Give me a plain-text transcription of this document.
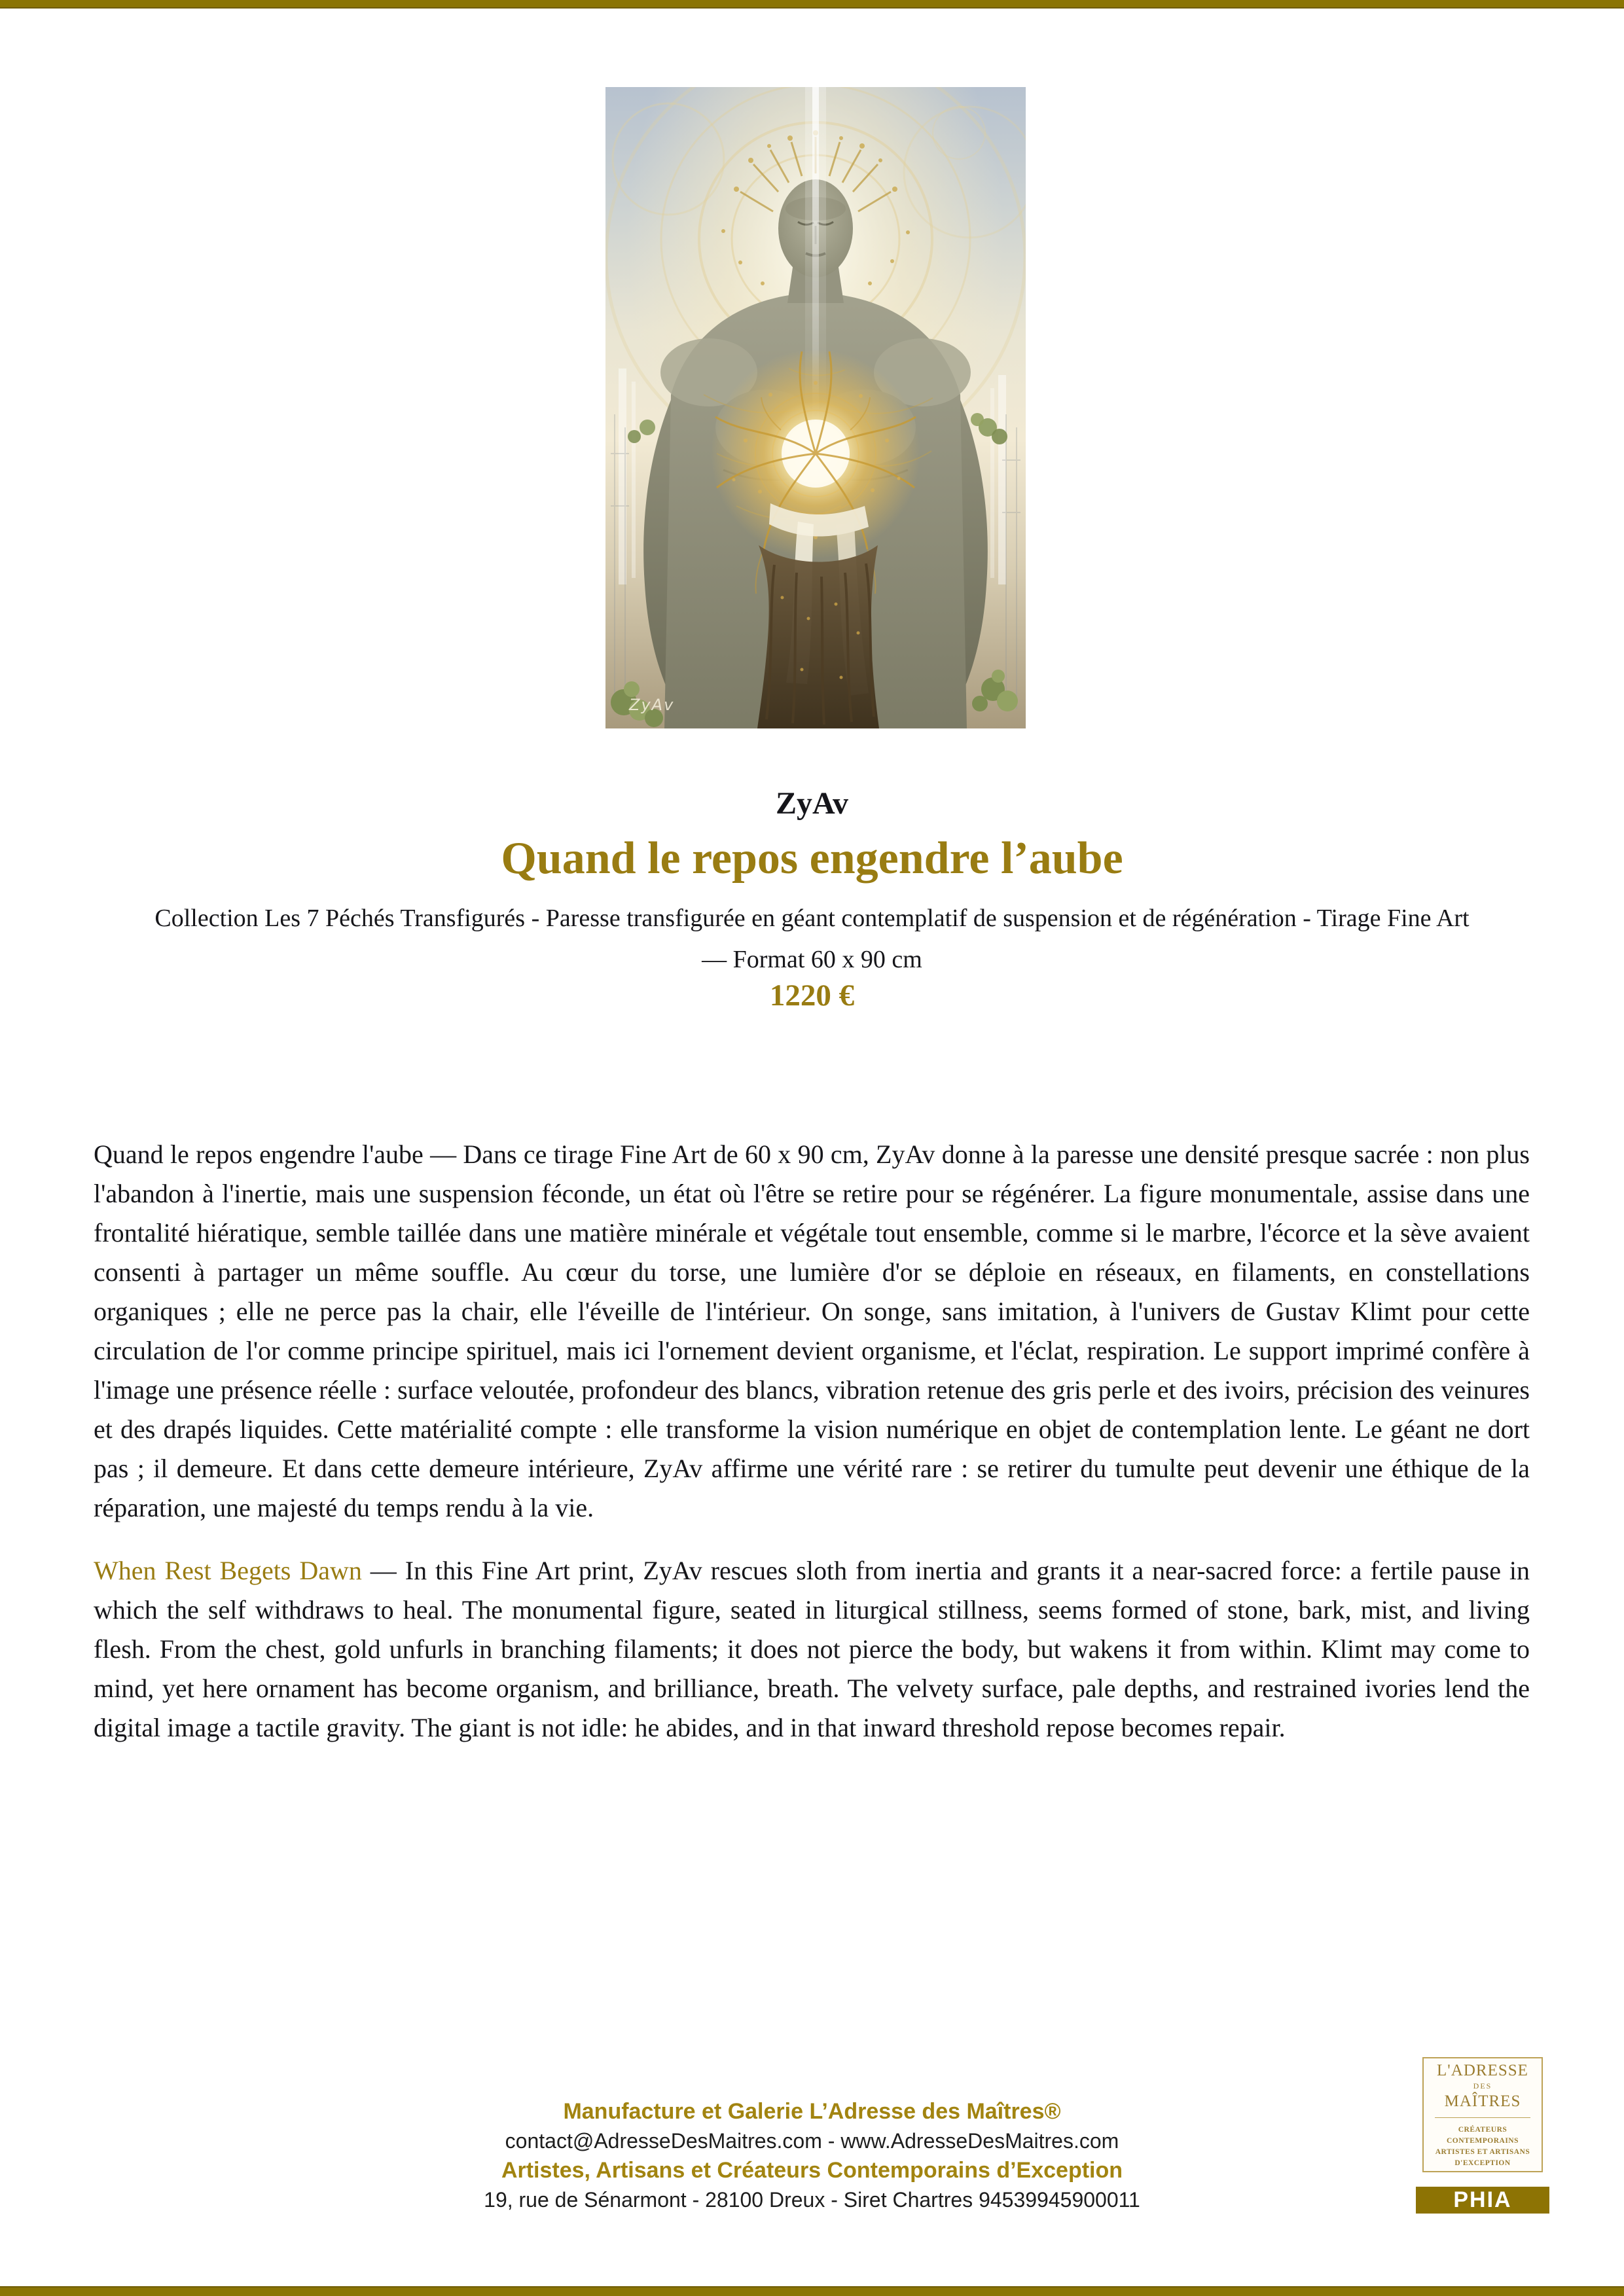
ZyAv
ZyAv
Quand le repos engendre l’aube
Collection Les 7 Péchés Transfigurés - Paresse transfigurée en géant contemplatif de suspension et de régénération - Tirage Fine Art — Format 60 x 90 cm
1220 €

Quand le repos engendre l'aube — Dans ce tirage Fine Art de 60 x 90 cm, ZyAv donne à la paresse une densité presque sacrée : non plus l'abandon à l'inertie, mais une suspension féconde, un état où l'être se retire pour se régénérer. La figure monumentale, assise dans une frontalité hiératique, semble taillée dans une matière minérale et végétale tout ensemble, comme si le marbre, l'écorce et la sève avaient consenti à partager un même souffle. Au cœur du torse, une lumière d'or se déploie en réseaux, en filaments, en constellations organiques ; elle ne perce pas la chair, elle l'éveille de l'intérieur. On songe, sans imitation, à l'univers de Gustav Klimt pour cette circulation de l'or comme principe spirituel, mais ici l'ornement devient organisme, et l'éclat, respiration. Le support imprimé confère à l'image une présence réelle : surface veloutée, profondeur des blancs, vibration retenue des gris perle et des ivoirs, précision des veinures et des drapés liquides. Cette matérialité compte : elle transforme la vision numérique en objet de contemplation lente. Le géant ne dort pas ; il demeure. Et dans cette demeure intérieure, ZyAv affirme une vérité rare : se retirer du tumulte peut devenir une éthique de la réparation, une majesté du temps rendu à la vie.

When Rest Begets Dawn — In this Fine Art print, ZyAv rescues sloth from inertia and grants it a near-sacred force: a fertile pause in which the self withdraws to heal. The monumental figure, seated in liturgical stillness, seems formed of stone, bark, mist, and living flesh. From the chest, gold unfurls in branching filaments; it does not pierce the body, but wakens it from within. Klimt may come to mind, yet here ornament has become organism, and brilliance, breath. The velvety surface, pale depths, and restrained ivories lend the digital image a tactile gravity. The giant is not idle: he abides, and in that inward threshold repose becomes repair.

Manufacture et Galerie L’Adresse des Maîtres®
contact@AdresseDesMaitres.com - www.AdresseDesMaitres.com
Artistes, Artisans et Créateurs Contemporains d’Exception
19, rue de Sénarmont - 28100 Dreux - Siret Chartres 94539945900011
L'ADRESSE
DES
MAÎTRES
CRÉATEURS CONTEMPORAINS
ARTISTES ET ARTISANS
D'EXCEPTION
PHIA
